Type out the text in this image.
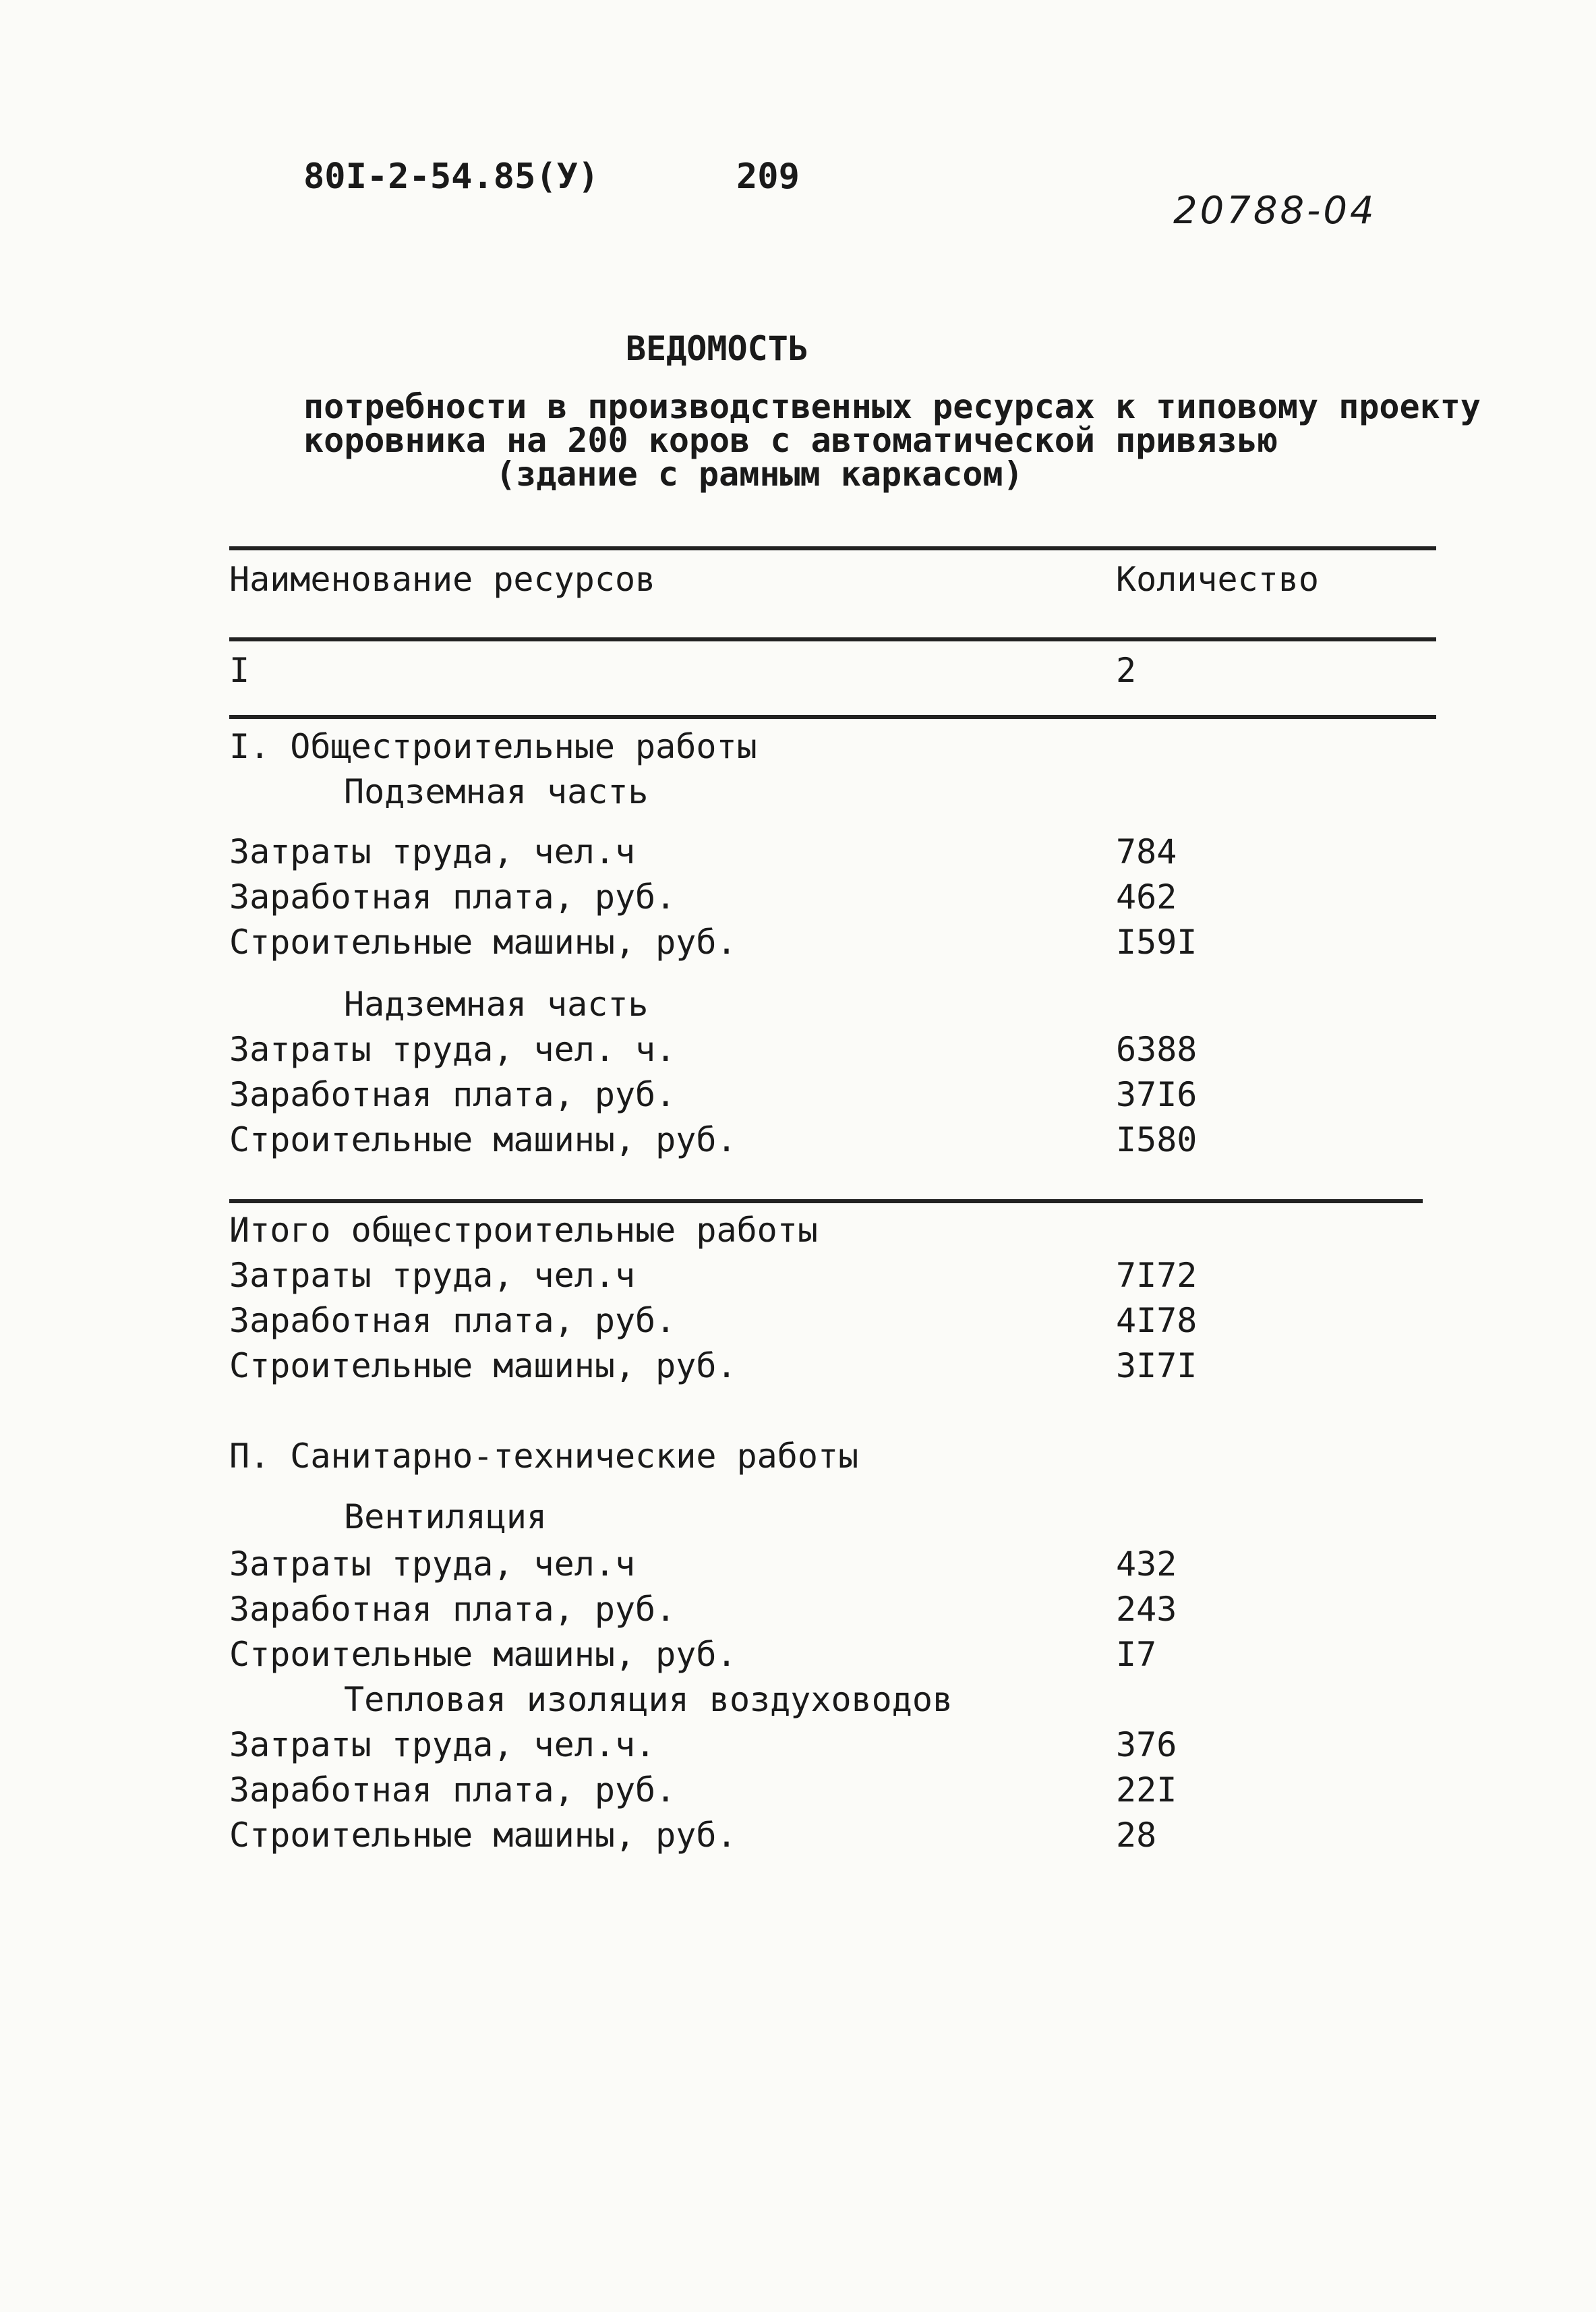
80I-2-54.85(У)	209
20788-04
ВЕДОМОСТЬ
потребности в производственных ресурсах к типовому проекту
коровника на 200 коров с автоматической привязью
(здание с рамным каркасом)
Наименование ресурсов	Количество
I	2
I. Общестроительные работы
Подземная часть
Затраты труда, чел.ч	784
Заработная плата, руб.	462
Строительные машины, руб.	I59I
Надземная часть
Затраты труда, чел. ч.	6388
Заработная плата, руб.	37I6
Строительные машины, руб.	I580
Итого общестроительные работы
Затраты труда, чел.ч	7I72
Заработная плата, руб.	4I78
Строительные машины, руб.	3I7I
П. Санитарно-технические работы
Вентиляция
Затраты труда, чел.ч	432
Заработная плата, руб.	243
Строительные машины, руб.	I7
Тепловая изоляция воздуховодов
Затраты труда, чел.ч.	376
Заработная плата, руб.	22I
Строительные машины, руб.	28
